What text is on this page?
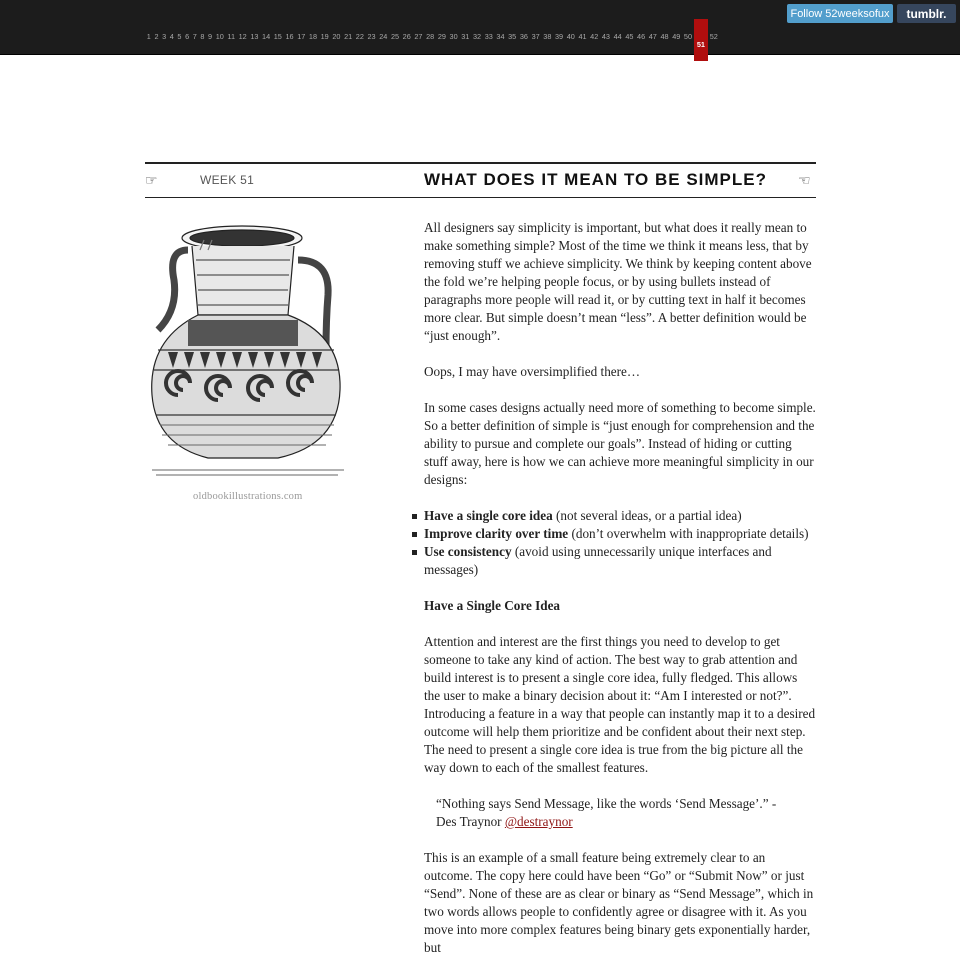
1 2 3 4 5 6 7 8 9 10 11 12 13 14 15 16 17 18 19 20 21 22 23 24 25 26 27 28 29 30 31 32 33 34 35 36 37 38 39 40 41 42 43 44 45 46 47 48 49 50
51
52
Follow 52weeksofux	tumblr.
☞	WEEK 51	WHAT DOES IT MEAN TO BE SIMPLE? ☜
oldbookillustrations.com

All designers say simplicity is important, but what does it really mean to make something simple? Most of the time we think it means less, that by removing stuff we achieve simplicity. We think by keeping content above the fold we’re helping people focus, or by using bullets instead of paragraphs more people will read it, or by cutting text in half it becomes more clear. But simple doesn’t mean “less”. A better definition would be “just enough”.

Oops, I may have oversimplified there…

In some cases designs actually need more of something to become simple. So a better definition of simple is “just enough for comprehension and the ability to pursue and complete our goals”. Instead of hiding or cutting stuff away, here is how we can achieve more meaningful simplicity in our designs:

Have a single core idea (not several ideas, or a partial idea)
Improve clarity over time (don’t overwhelm with inappropriate details)
Use consistency (avoid using unnecessarily unique interfaces and messages)
Have a Single Core Idea

Attention and interest are the first things you need to develop to get someone to take any kind of action. The best way to grab attention and build interest is to present a single core idea, fully fledged. This allows the user to make a binary decision about it: “Am I interested or not?”. Introducing a feature in a way that people can instantly map it to a desired outcome will help them prioritize and be confident about their next step. The need to present a single core idea is true from the big picture all the way down to each of the smallest features.

“Nothing says Send Message, like the words ‘Send Message’.” - Des Traynor @destraynor

This is an example of a small feature being extremely clear to an outcome. The copy here could have been “Go” or “Submit Now” or just “Send”. None of these are as clear or binary as “Send Message”, which in two words allows people to confidently agree or disagree with it. As you move into more complex features being binary gets exponentially harder, but
